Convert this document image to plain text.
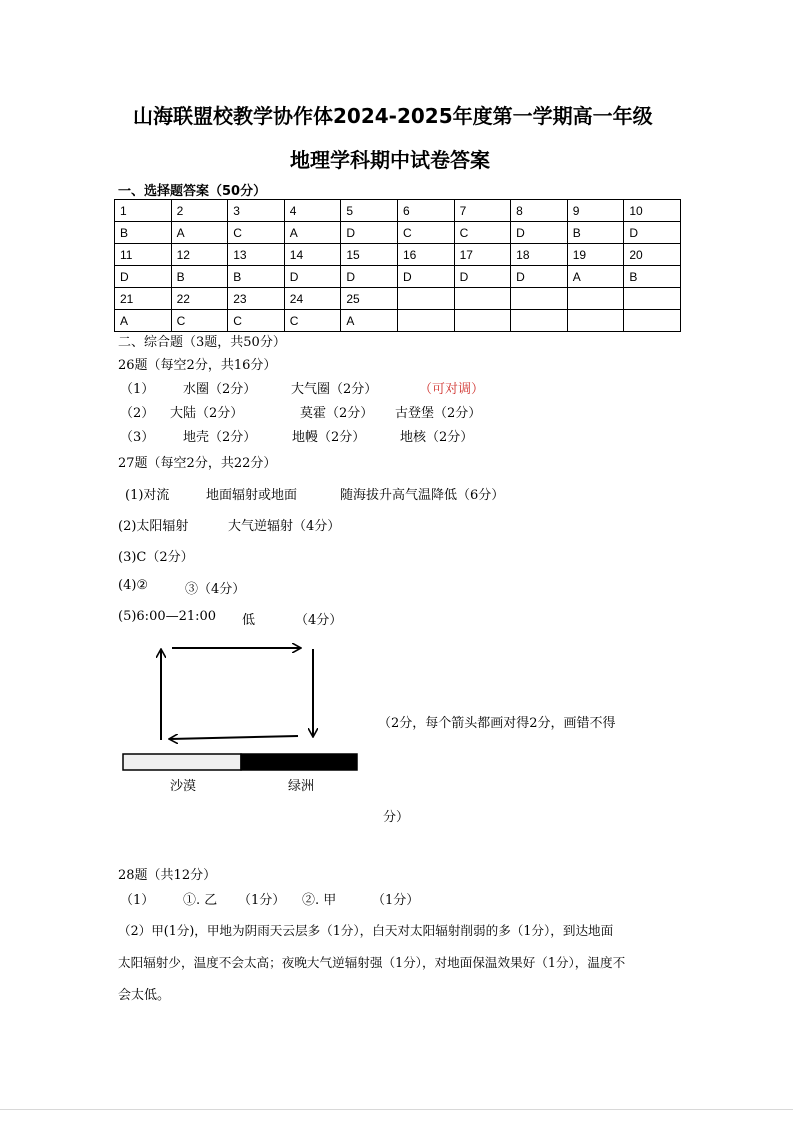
山海联盟校教学协作体2024-2025年度第一学期高一年级
地理学科期中试卷答案
一、选择题答案（50分）
1	2	3	4	5	6	7	8	9	10
B	A	C	A	D	C	C	D	B	D
11	12	13	14	15	16	17	18	19	20
D	B	B	D	D	D	D	D	A	B
21	22	23	24	25					
A	C	C	C	A					
二、综合题（3题，共50分）
26题（每空2分，共16分）
（1） 水圈（2分）	大气圈（2分）	（可对调）
（2） 大陆（2分）	莫霍（2分） 古登堡（2分）
（3） 地壳（2分）	地幔（2分）	地核（2分）
27题（每空2分，共22分）
(1)对流	地面辐射或地面	随海拔升高气温降低（6分）
(2)太阳辐射	大气逆辐射（4分）
(3)C（2分）
(4)②	③（4分）
(5)6:00—21:00 低	（4分）
沙漠	绿洲
（2分，每个箭头都画对得2分，画错不得
分）
28题（共12分）
（1） ①. 乙 （1分） ②. 甲	（1分）
（2）甲(1分)，甲地为阴雨天云层多（1分），白天对太阳辐射削弱的多（1分），到达地面
太阳辐射少，温度不会太高；夜晚大气逆辐射强（1分），对地面保温效果好（1分），温度不
会太低。
